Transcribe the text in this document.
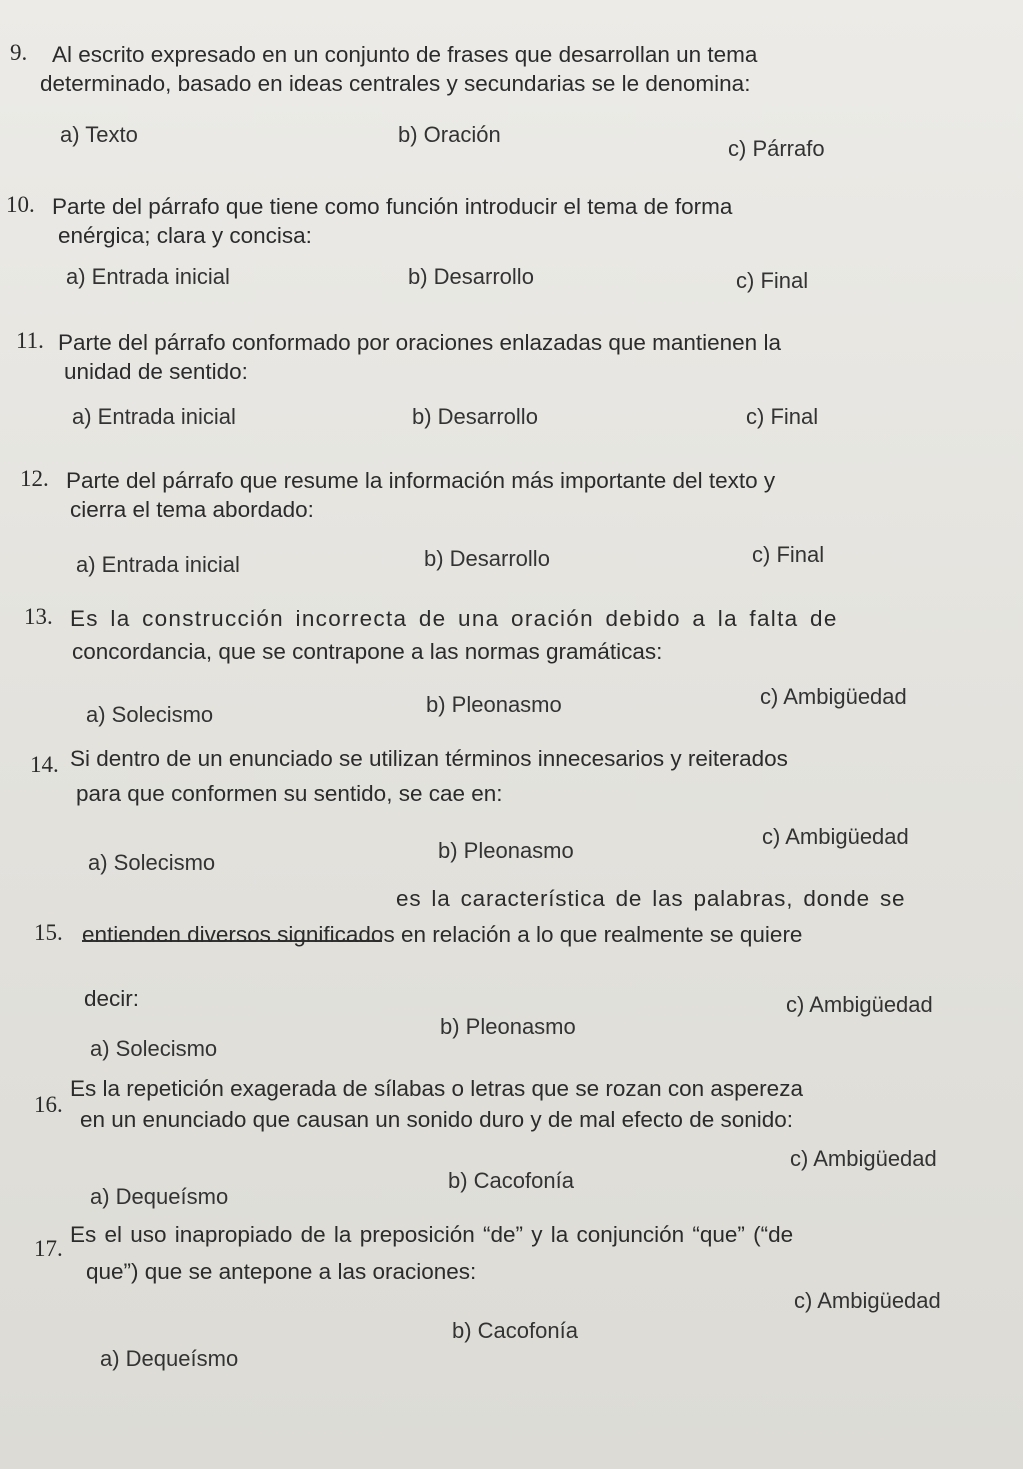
9. Al escrito expresado en un conjunto de frases que desarrollan un tema

determinado, basado en ideas centrales y secundarias se le denomina:

a) Texto	b) Oración
c) Párrafo
10. Parte del párrafo que tiene como función introducir el tema de forma

enérgica; clara y concisa:

a) Entrada inicial	b) Desarrollo	c) Final
11. Parte del párrafo conformado por oraciones enlazadas que mantienen la

unidad de sentido:

a) Entrada inicial	b) Desarrollo	c) Final
12. Parte del párrafo que resume la información más importante del texto y

cierra el tema abordado:

a) Entrada inicial	b) Desarrollo	c) Final
13. Es la construcción incorrecta de una oración debido a la falta de

concordancia, que se contrapone a las normas gramáticas:

a) Solecismo	b) Pleonasmo	c) Ambigüedad
14. Si dentro de un enunciado se utilizan términos innecesarios y reiterados

para que conformen su sentido, se cae en:

a) Solecismo	b) Pleonasmo
c) Ambigüedad
15.

es la característica de las palabras, donde se

entienden diversos significados en relación a lo que realmente se quiere

decir:

a) Solecismo
b) Pleonasmo
c) Ambigüedad
16.

Es la repetición exagerada de sílabas o letras que se rozan con aspereza

en un enunciado que causan un sonido duro y de mal efecto de sonido:

a) Dequeísmo
b) Cacofonía
c) Ambigüedad
17.

Es el uso inapropiado de la preposición “de” y la conjunción “que” (“de

que”) que se antepone a las oraciones:

a) Dequeísmo
b) Cacofonía
c) Ambigüedad
